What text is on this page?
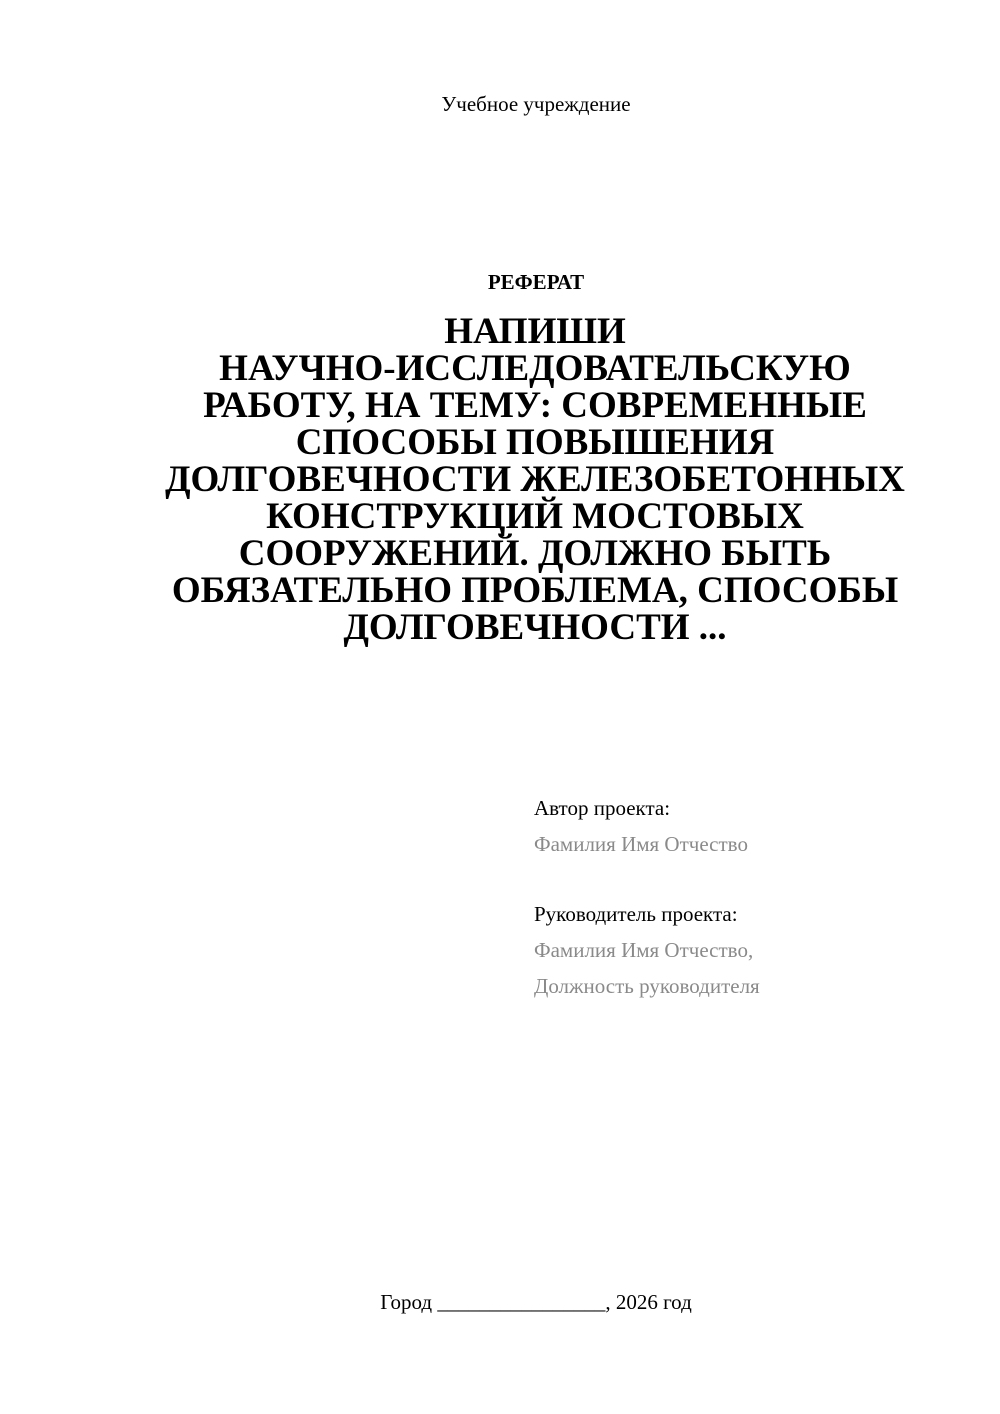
Учебное учреждение
РЕФЕРАТ
НАПИШИ
НАУЧНО-ИССЛЕДОВАТЕЛЬСКУЮ
РАБОТУ, НА ТЕМУ: СОВРЕМЕННЫЕ
СПОСОБЫ ПОВЫШЕНИЯ
ДОЛГОВЕЧНОСТИ ЖЕЛЕЗОБЕТОННЫХ
КОНСТРУКЦИЙ МОСТОВЫХ
СООРУЖЕНИЙ. ДОЛЖНО БЫТЬ
ОБЯЗАТЕЛЬНО ПРОБЛЕМА, СПОСОБЫ
ДОЛГОВЕЧНОСТИ ...
Автор проекта:
Фамилия Имя Отчество
Руководитель проекта:
Фамилия Имя Отчество,
Должность руководителя
Город ________________, 2026 год
